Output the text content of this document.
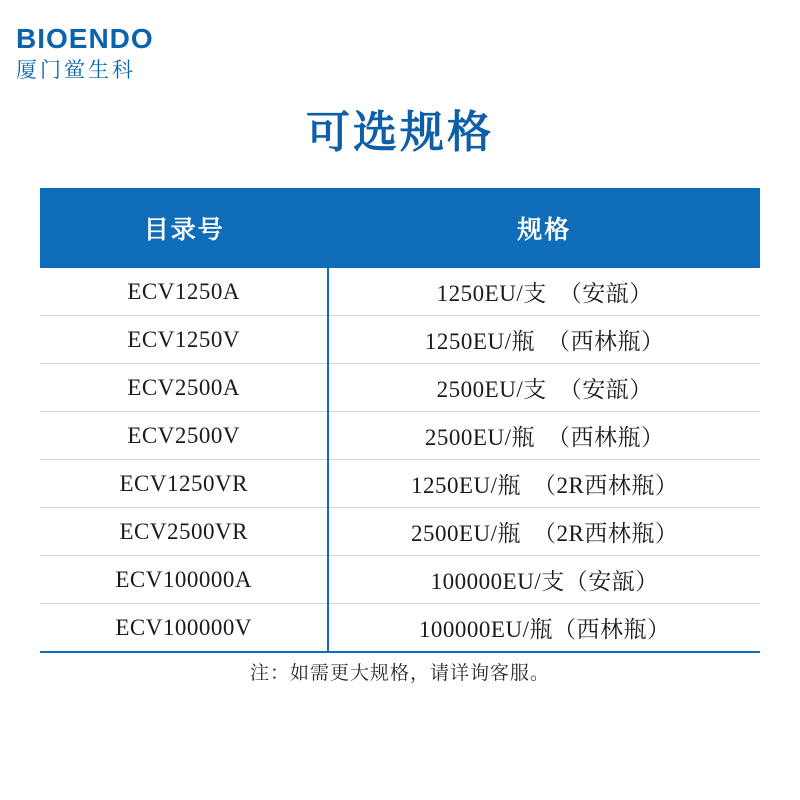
BIOENDO
厦门鲎生科
可选规格
目录号	规格
ECV1250A	1250EU/支　（安瓿）
ECV1250V	1250EU/瓶　（西林瓶）
ECV2500A	2500EU/支　（安瓿）
ECV2500V	2500EU/瓶　（西林瓶）
ECV1250VR	1250EU/瓶　（2R西林瓶）
ECV2500VR	2500EU/瓶　（2R西林瓶）
ECV100000A	100000EU/支（安瓿）
ECV100000V	100000EU/瓶（西林瓶）
注：如需更大规格，请详询客服。
